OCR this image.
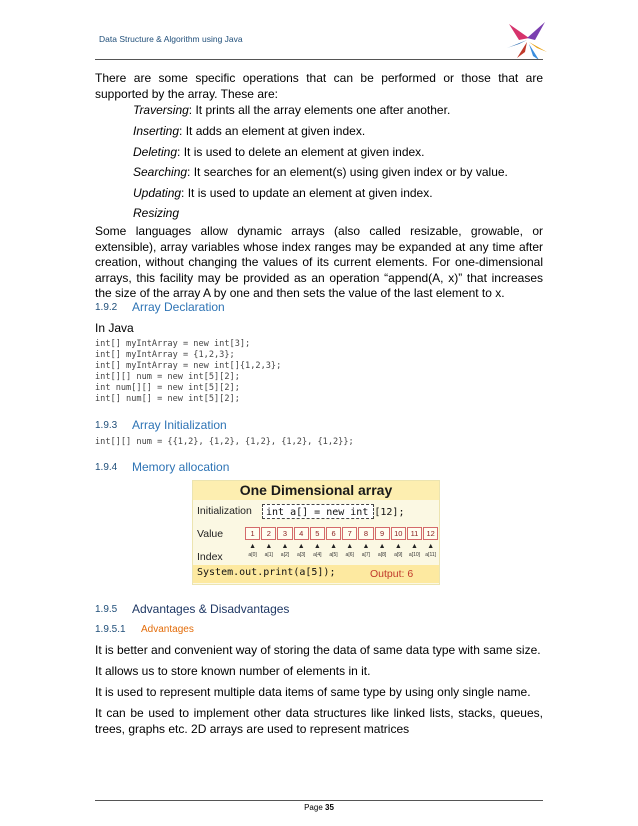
Data Structure & Algorithm using Java
There are some specific operations that can be performed or those that are supported by the array. These are:
Traversing: It prints all the array elements one after another.
Inserting: It adds an element at given index.
Deleting: It is used to delete an element at given index.
Searching: It searches for an element(s) using given index or by value.
Updating: It is used to update an element at given index.
Resizing
Some languages allow dynamic arrays (also called resizable, growable, or extensible), array variables whose index ranges may be expanded at any time after creation, without changing the values of its current elements. For one-dimensional arrays, this facility may be provided as an operation “append(A, x)” that increases the size of the array A by one and then sets the value of the last element to x.
1.9.2 Array Declaration
In Java
int[] myIntArray = new int[3];
int[] myIntArray = {1,2,3};
int[] myIntArray = new int[]{1,2,3};
int[][] num = new int[5][2];
int num[][] = new int[5][2];
int[] num[] = new int[5][2];
1.9.3 Array Initialization
int[][] num = {{1,2}, {1,2}, {1,2}, {1,2}, {1,2}};
1.9.4 Memory allocation
One Dimensional array
Initialization	int a[] = new int [12];
Value	1	2	3	4	5	6	7	8	9	10	11	12
▲	▲	▲	▲	▲	▲	▲	▲	▲	▲	▲	▲
Index	a[0]	a[1]	a[2]	a[3]	a[4]	a[5]	a[6]	a[7]	a[8]	a[9]	a[10]	a[11]
System.out.print(a[5]);	Output: 6
1.9.5 Advantages & Disadvantages
1.9.5.1 Advantages
It is better and convenient way of storing the data of same data type with same size.
It allows us to store known number of elements in it.
It is used to represent multiple data items of same type by using only single name.
It can be used to implement other data structures like linked lists, stacks, queues, trees, graphs etc. 2D arrays are used to represent matrices
Page 35
